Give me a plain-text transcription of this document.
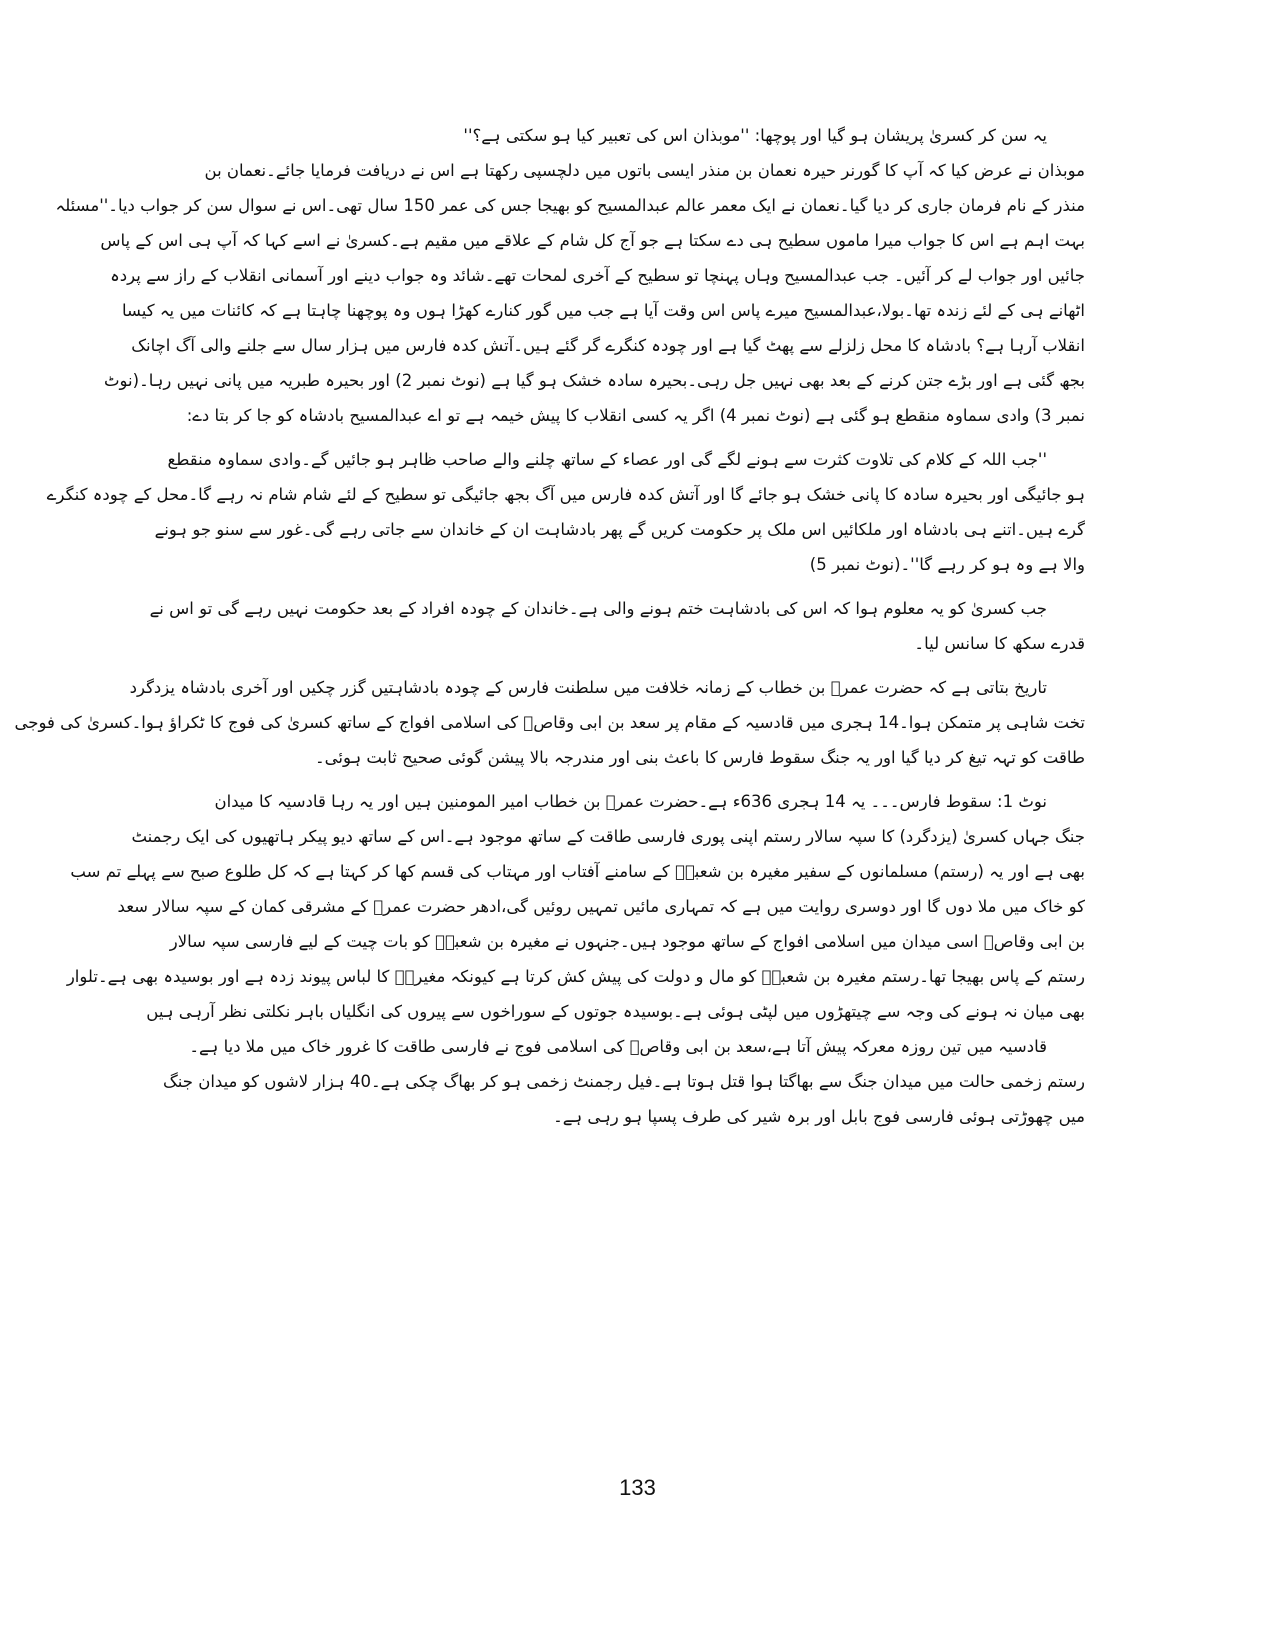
یہ سن کر کسریٰ پریشان ہو گیا اور پوچھا: ''موبذان اس کی تعبیر کیا ہو سکتی ہے؟''

موبذان نے عرض کیا کہ آپ کا گورنر حیرہ نعمان بن منذر ایسی باتوں میں دلچسپی رکھتا ہے اس نے دریافت فرمایا جائے۔نعمان بن

منذر کے نام فرمان جاری کر دیا گیا۔نعمان نے ایک معمر عالم عبدالمسیح کو بھیجا جس کی عمر 150 سال تھی۔اس نے سوال سن کر جواب دیا۔''مسئلہ

بہت اہم ہے اس کا جواب میرا ماموں سطیح ہی دے سکتا ہے جو آج کل شام کے علاقے میں مقیم ہے۔کسریٰ نے اسے کہا کہ آپ ہی اس کے پاس

جائیں اور جواب لے کر آئیں۔ جب عبدالمسیح وہاں پہنچا تو سطیح کے آخری لمحات تھے۔شائد وہ جواب دینے اور آسمانی انقلاب کے راز سے پردہ

اٹھانے ہی کے لئے زندہ تھا۔بولا،عبدالمسیح میرے پاس اس وقت آیا ہے جب میں گور کنارے کھڑا ہوں وہ پوچھنا چاہتا ہے کہ کائنات میں یہ کیسا

انقلاب آرہا ہے؟ بادشاہ کا محل زلزلے سے پھٹ گیا ہے اور چودہ کنگرے گر گئے ہیں۔آتش کدہ فارس میں ہزار سال سے جلنے والی آگ اچانک

بجھ گئی ہے اور بڑے جتن کرنے کے بعد بھی نہیں جل رہی۔بحیرہ سادہ خشک ہو گیا ہے (نوٹ نمبر 2) اور بحیرہ طبریہ میں پانی نہیں رہا۔(نوٹ

نمبر 3) وادی سماوہ منقطع ہو گئی ہے (نوٹ نمبر 4) اگر یہ کسی انقلاب کا پیش خیمہ ہے تو اے عبدالمسیح بادشاہ کو جا کر بتا دے:

''جب اللہ کے کلام کی تلاوت کثرت سے ہونے لگے گی اور عصاء کے ساتھ چلنے والے صاحب ظاہر ہو جائیں گے۔وادی سماوہ منقطع

ہو جائیگی اور بحیرہ سادہ کا پانی خشک ہو جائے گا اور آتش کدہ فارس میں آگ بجھ جائیگی تو سطیح کے لئے شام شام نہ رہے گا۔محل کے چودہ کنگرے

گرے ہیں۔اتنے ہی بادشاہ اور ملکائیں اس ملک پر حکومت کریں گے پھر بادشاہت ان کے خاندان سے جاتی رہے گی۔غور سے سنو جو ہونے

والا ہے وہ ہو کر رہے گا''۔(نوٹ نمبر 5)

جب کسریٰ کو یہ معلوم ہوا کہ اس کی بادشاہت ختم ہونے والی ہے۔خاندان کے چودہ افراد کے بعد حکومت نہیں رہے گی تو اس نے

قدرے سکھ کا سانس لیا۔

تاریخ بتاتی ہے کہ حضرت عمرؓ بن خطاب کے زمانہ خلافت میں سلطنت فارس کے چودہ بادشاہتیں گزر چکیں اور آخری بادشاہ یزدگرد

تخت شاہی پر متمکن ہوا۔14 ہجری میں قادسیہ کے مقام پر سعد بن ابی وقاصؓ کی اسلامی افواج کے ساتھ کسریٰ کی فوج کا ٹکراؤ ہوا۔کسریٰ کی فوجی

طاقت کو تہہ تیغ کر دیا گیا اور یہ جنگ سقوط فارس کا باعث بنی اور مندرجہ بالا پیشن گوئی صحیح ثابت ہوئی۔

نوٹ 1: سقوط فارس۔۔۔ یہ 14 ہجری 636ء ہے۔حضرت عمرؓ بن خطاب امیر المومنین ہیں اور یہ رہا قادسیہ کا میدان

جنگ جہاں کسریٰ (یزدگرد) کا سپہ سالار رستم اپنی پوری فارسی طاقت کے ساتھ موجود ہے۔اس کے ساتھ دیو پیکر ہاتھیوں کی ایک رجمنٹ

بھی ہے اور یہ (رستم) مسلمانوں کے سفیر مغیرہ بن شعبہؓ کے سامنے آفتاب اور مہتاب کی قسم کھا کر کہتا ہے کہ کل طلوع صبح سے پہلے تم سب

کو خاک میں ملا دوں گا اور دوسری روایت میں ہے کہ تمہاری مائیں تمہیں روئیں گی،ادھر حضرت عمرؓ کے مشرقی کمان کے سپہ سالار سعد

بن ابی وقاصؓ اسی میدان میں اسلامی افواج کے ساتھ موجود ہیں۔جنہوں نے مغیرہ بن شعبہؓ کو بات چیت کے لیے فارسی سپہ سالار

رستم کے پاس بھیجا تھا۔رستم مغیرہ بن شعبہؓ کو مال و دولت کی پیش کش کرتا ہے کیونکہ مغیرہؓ کا لباس پیوند زدہ ہے اور بوسیدہ بھی ہے۔تلوار

بھی میان نہ ہونے کی وجہ سے چیتھڑوں میں لپٹی ہوئی ہے۔بوسیدہ جوتوں کے سوراخوں سے پیروں کی انگلیاں باہر نکلتی نظر آرہی ہیں

قادسیہ میں تین روزہ معرکہ پیش آتا ہے،سعد بن ابی وقاصؓ کی اسلامی فوج نے فارسی طاقت کا غرور خاک میں ملا دیا ہے۔

رستم زخمی حالت میں میدان جنگ سے بھاگتا ہوا قتل ہوتا ہے۔فیل رجمنٹ زخمی ہو کر بھاگ چکی ہے۔40 ہزار لاشوں کو میدان جنگ

میں چھوڑتی ہوئی فارسی فوج بابل اور برہ شیر کی طرف پسپا ہو رہی ہے۔

133
